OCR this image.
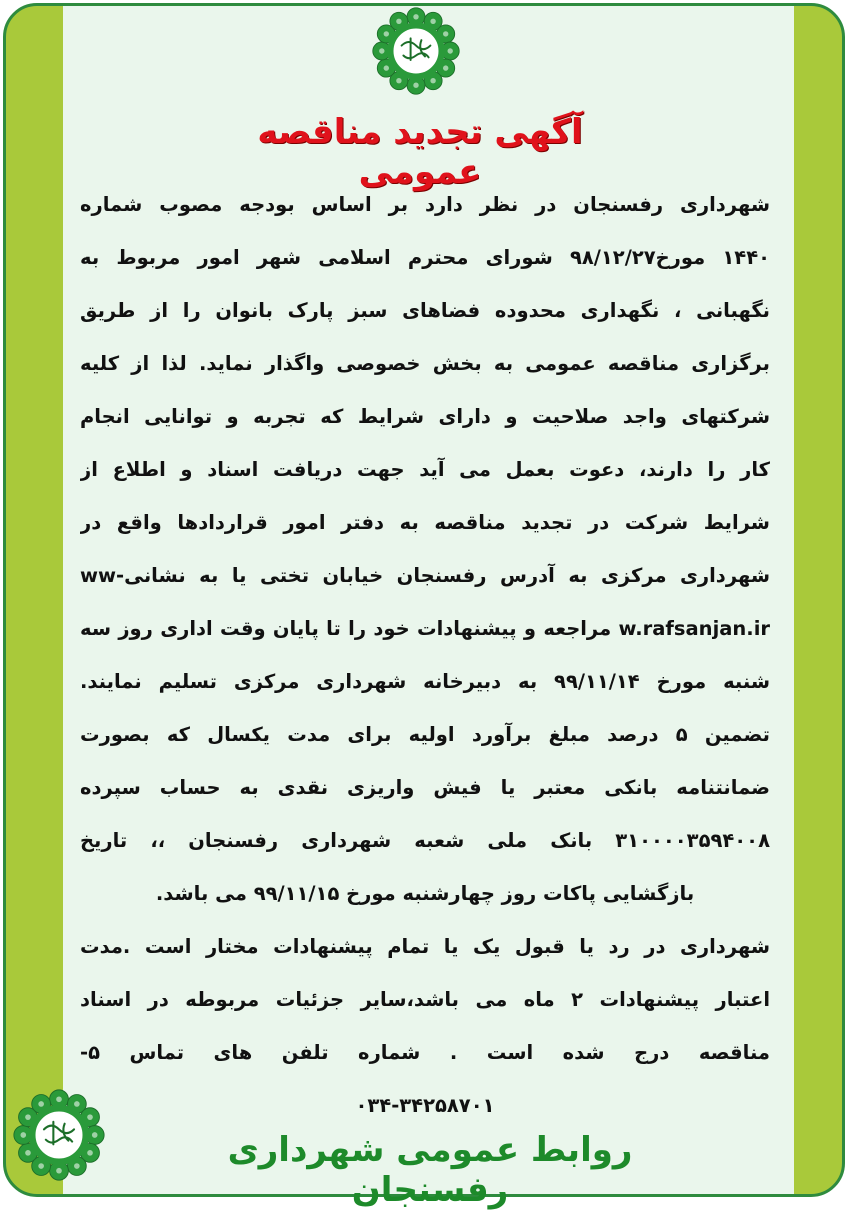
آگهی تجدید مناقصه عمومی
شهرداری رفسنجان در نظر دارد بر اساس بودجه مصوب شماره
۱۴۴۰ مورخ۹۸/۱۲/۲۷ شورای محترم اسلامی شهر امور مربوط به
نگهبانی ، نگهداری محدوده فضاهای سبز پارک بانوان را از طریق
برگزاری مناقصه عمومی به بخش خصوصی واگذار نماید. لذا از کلیه
شرکتهای واجد صلاحیت و دارای شرایط که تجربه و توانایی انجام
کار را دارند، دعوت بعمل می آید جهت دریافت اسناد و اطلاع از
شرایط شرکت در تجدید مناقصه به دفتر امور قراردادها واقع در
شهرداری مرکزی به آدرس رفسنجان خیابان تختی یا به نشانی-ww
w.rafsanjan.ir مراجعه و پیشنهادات خود را تا پایان وقت اداری روز سه
شنبه مورخ ۹۹/۱۱/۱۴ به دبیرخانه شهرداری مرکزی تسلیم نمایند.
تضمین ۵ درصد مبلغ برآورد اولیه برای مدت یکسال که بصورت
ضمانتنامه بانکی معتبر یا فیش واریزی نقدی به حساب سپرده
۳۱۰۰۰۰۳۵۹۴۰۰۸ بانک ملی شعبه شهرداری رفسنجان ،، تاریخ
بازگشایی پاکات روز چهارشنبه مورخ ۹۹/۱۱/۱۵ می باشد.
شهرداری در رد یا قبول یک یا تمام پیشنهادات مختار است .مدت
اعتبار پیشنهادات ۲ ماه می باشد،سایر جزئیات مربوطه در اسناد
مناقصه درج شده است . شماره تلفن های تماس ۵-
۰۳۴-۳۴۲۵۸۷۰۱
روابط عمومی شهرداری رفسنجان
